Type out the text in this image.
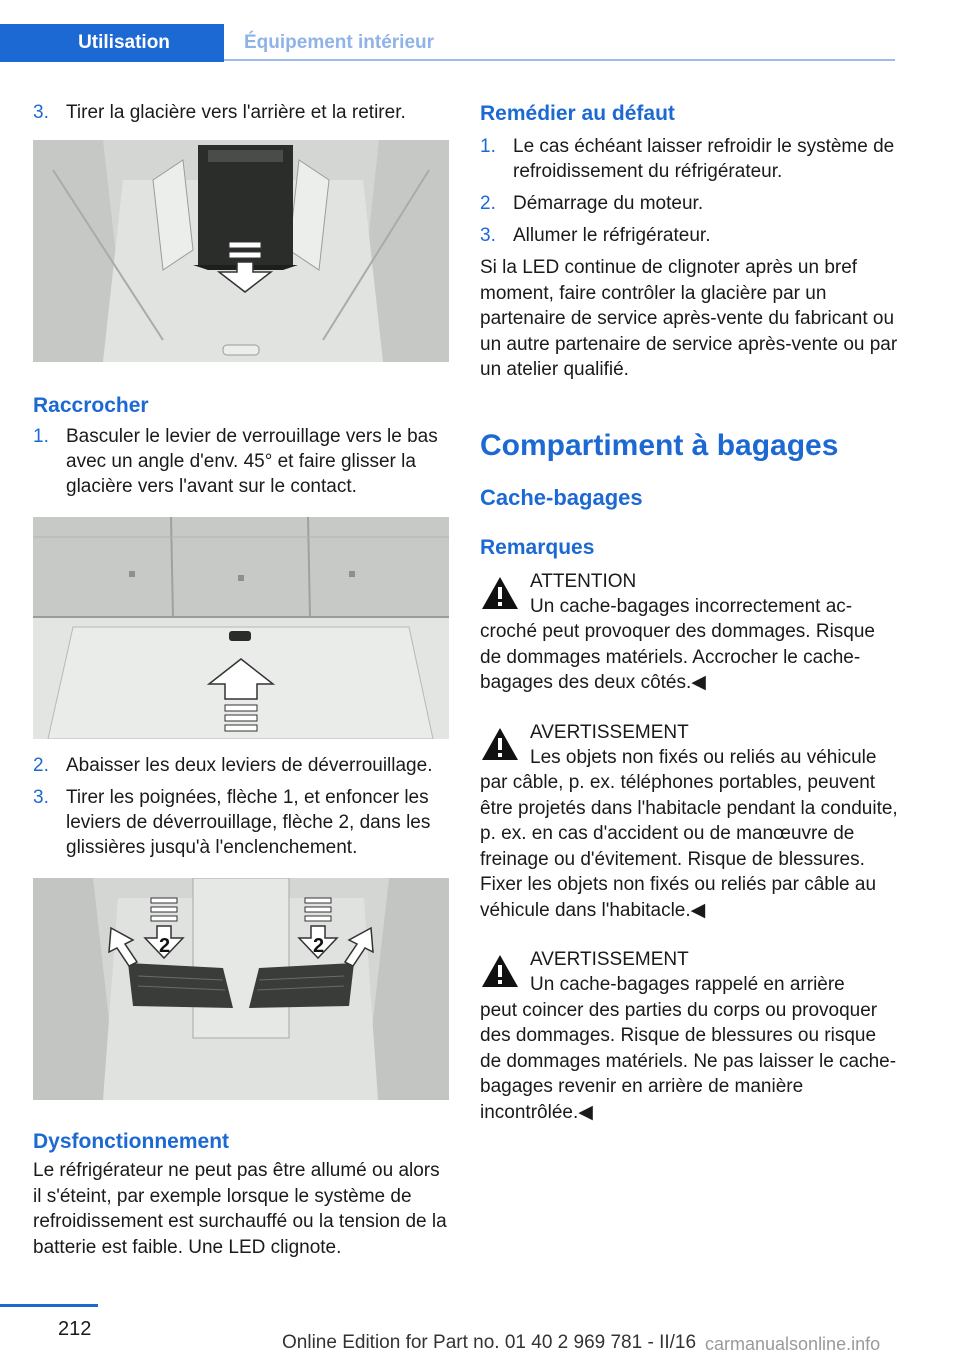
Utilisation	Équipement intérieur
3. Tirer la glacière vers l'arrière et la retirer.
Raccrocher
1. Basculer le levier de verrouillage vers le bas avec un angle d'env. 45° et faire glisser la glacière vers l'avant sur le contact.
2. Abaisser les deux leviers de déverrouillage.
3. Tirer les poignées, flèche 1, et enfoncer les leviers de déverrouillage, flèche 2, dans les glissières jusqu'à l'enclenchement.
2	2
Dysfonctionnement

Le réfrigérateur ne peut pas être allumé ou alors il s'éteint, par exemple lorsque le système de refroidissement est surchauffé ou la tension de la batterie est faible. Une LED clignote.

Remédier au défaut
1. Le cas échéant laisser refroidir le système de refroidissement du réfrigérateur.
2. Démarrage du moteur.
3. Allumer le réfrigérateur.

Si la LED continue de clignoter après un bref moment, faire contrôler la glacière par un partenaire de service après-vente du fabricant ou un autre partenaire de service après-vente ou par un atelier qualifié.

Compartiment à bagages
Cache-bagages
Remarques
ATTENTION
Un cache-bagages incorrectement ac-
croché peut provoquer des dommages. Risque de dommages matériels. Accrocher le cache-bagages des deux côtés.◀
AVERTISSEMENT
Les objets non fixés ou reliés au véhicule
par câble, p. ex. téléphones portables, peuvent être projetés dans l'habitacle pendant la conduite, p. ex. en cas d'accident ou de manœuvre de freinage ou d'évitement. Risque de blessures. Fixer les objets non fixés ou reliés par câble au véhicule dans l'habitacle.◀
AVERTISSEMENT
Un cache-bagages rappelé en arrière
peut coincer des parties du corps ou provoquer des dommages. Risque de blessures ou risque de dommages matériels. Ne pas laisser le cache-bagages revenir en arrière de manière incontrôlée.◀
212
Online Edition for Part no. 01 40 2 969 781 - II/16 carmanualsonline.info
